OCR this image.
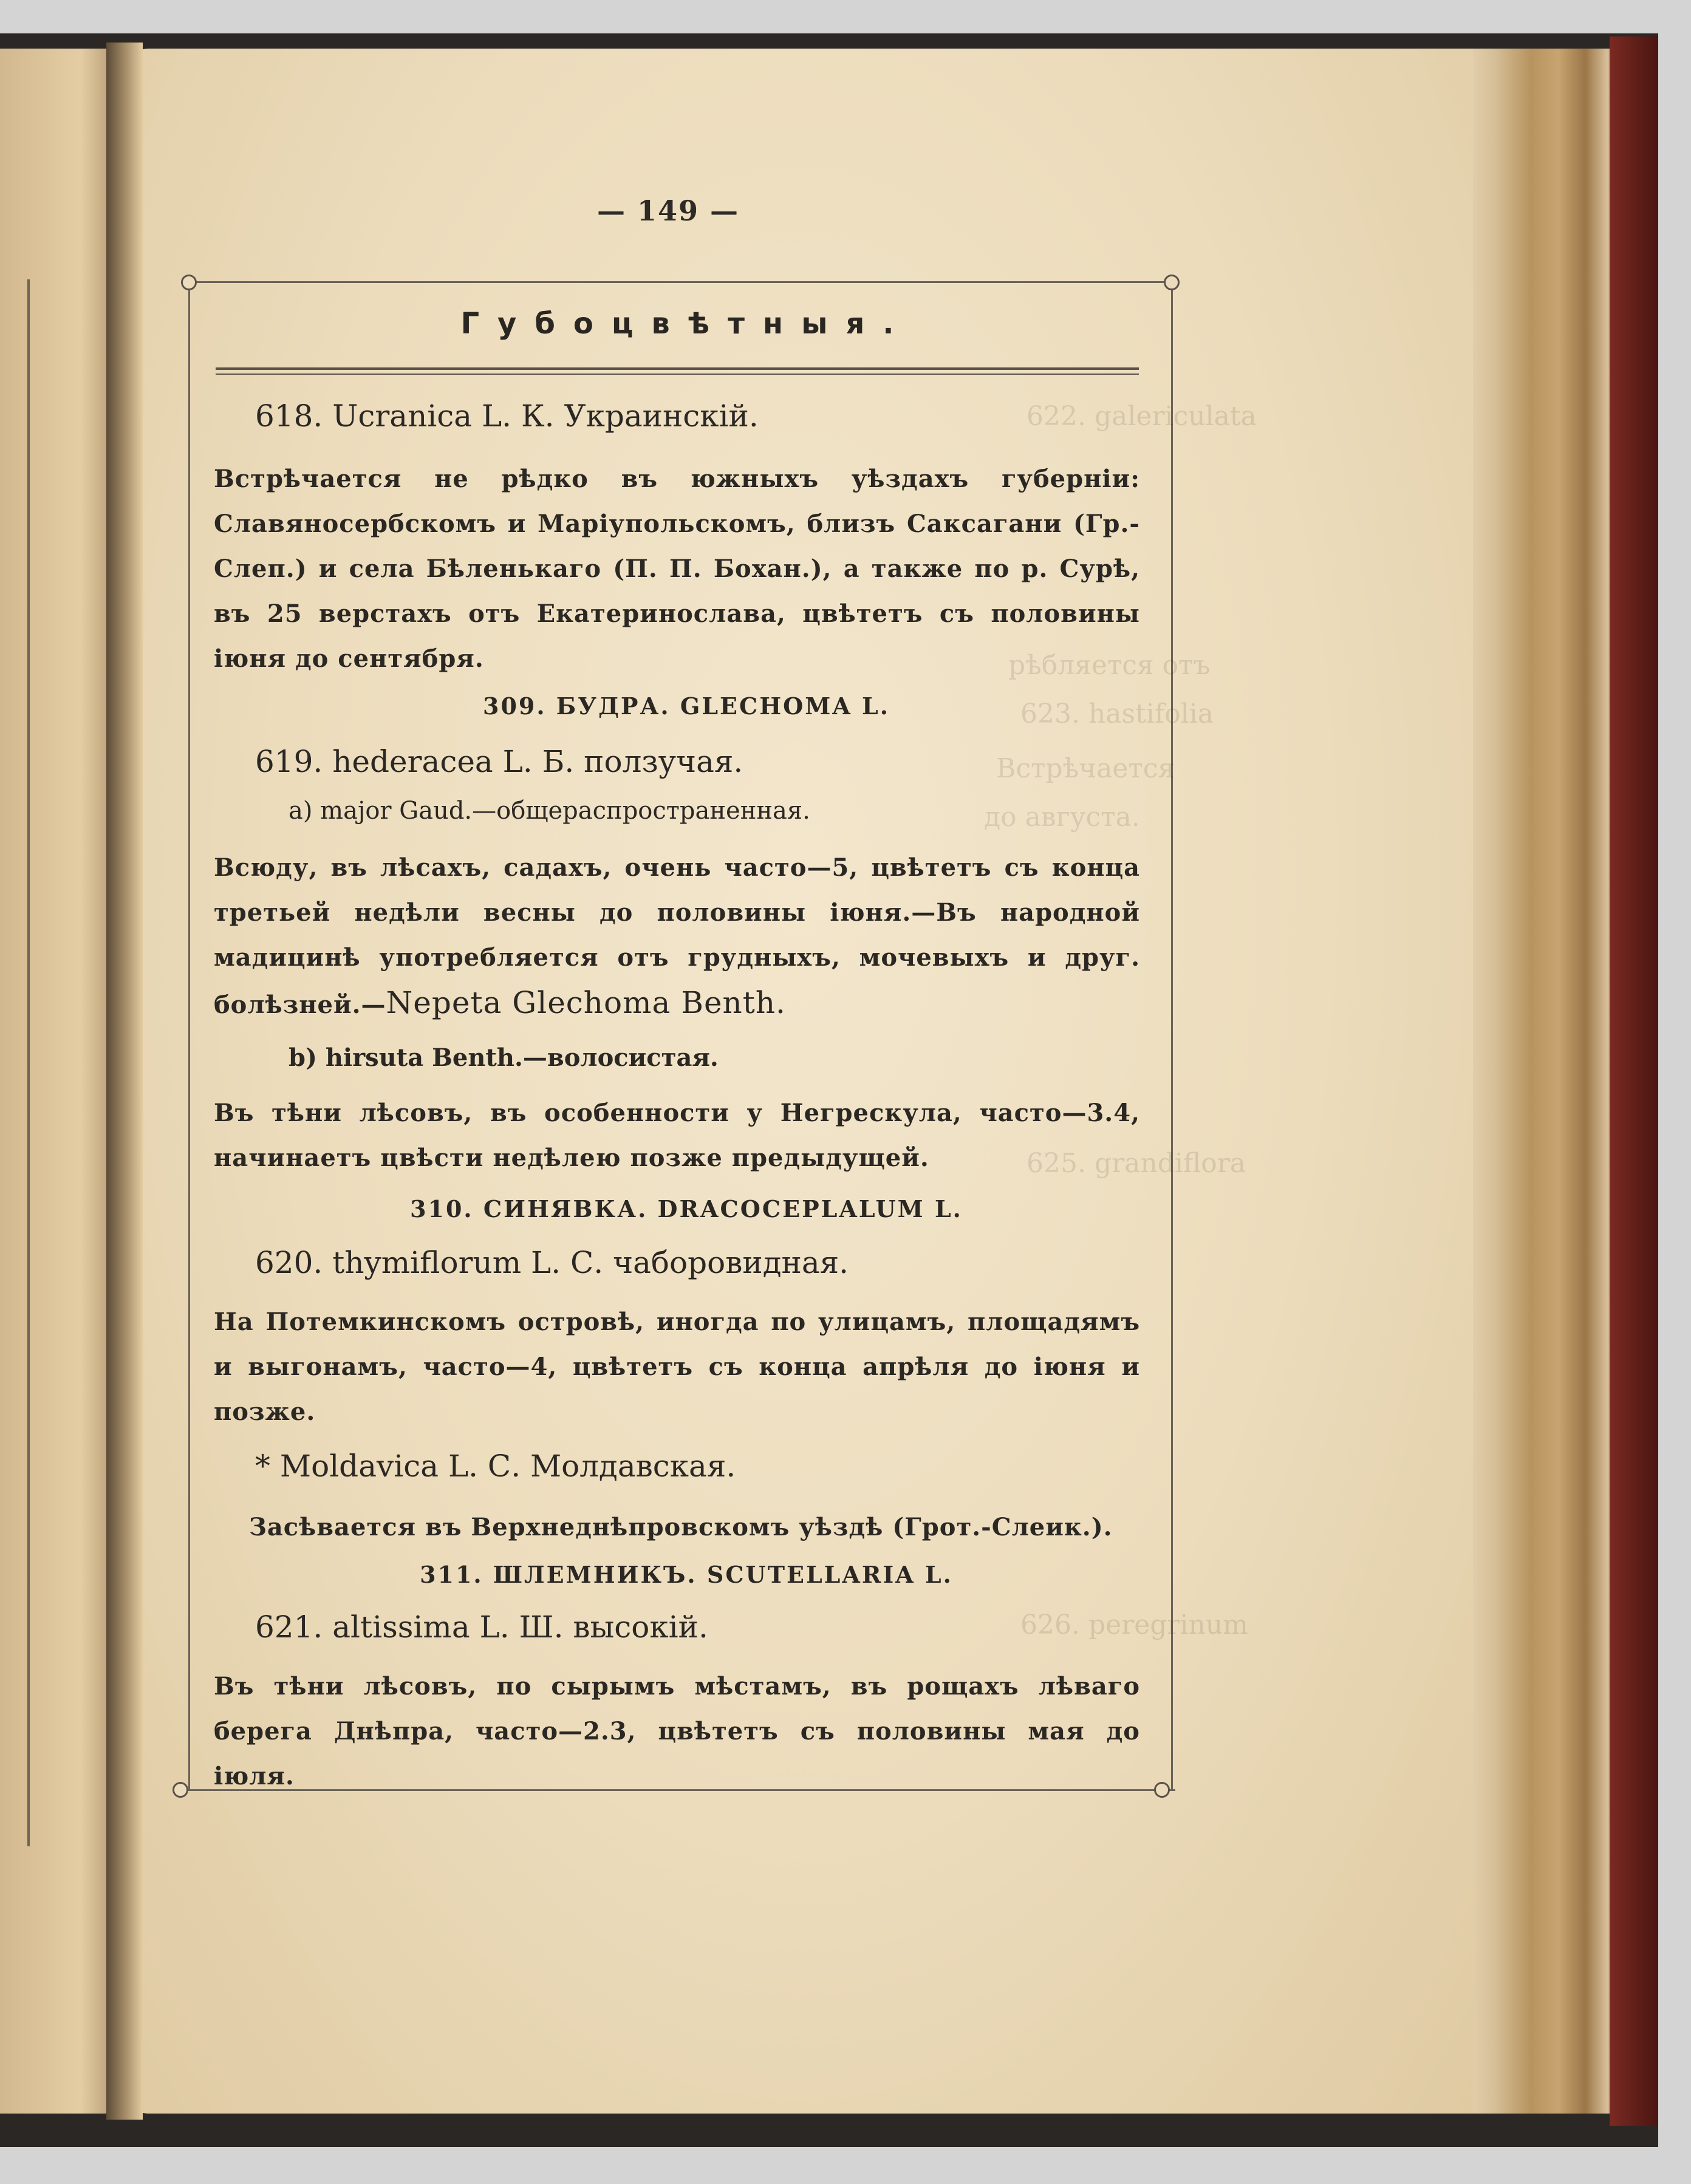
— 149 —
Губоцвѣтныя.
622. galericulata
рѣбляется отъ
623. hastifolia
Встрѣчается
до августа.
625. grandiflora
626. peregrinum
618. Ucranica L. К. Украинскій.
Встрѣчается не рѣдко въ южныхъ уѣздахъ губерніи: Славяносербскомъ и Маріупольскомъ, близъ Саксагани (Гр.-Слеп.) и села Бѣленькаго (П. П. Бохан.), а также по р. Сурѣ, въ 25 верстахъ отъ Екатеринослава, цвѣтетъ съ половины іюня до сентября.
309. БУДРА. GLECHOMA L.
619. hederacea L. Б. ползучая.
а) major Gaud.—общераспространенная.
Всюду, въ лѣсахъ, садахъ, очень часто—5, цвѣтетъ съ конца третьей недѣли весны до половины іюня.—Въ народной мадицинѣ употребляется отъ грудныхъ, мочевыхъ и друг. болѣзней.—Nepeta Glechoma Benth.
b) hirsuta Benth.—волосистая.
Въ тѣни лѣсовъ, въ особенности у Негрескула, часто—3.4, начинаетъ цвѣсти недѣлею позже предыдущей.
310. СИНЯВКА. DRACOCEPLALUM L.
620. thymiflorum L. С. чаборовидная.
На Потемкинскомъ островѣ, иногда по улицамъ, площадямъ и выгонамъ, часто—4, цвѣтетъ съ конца апрѣля до іюня и позже.
* Moldavica L. С. Молдавская.
Засѣвается въ Верхнеднѣпровскомъ уѣздѣ (Грот.-Слеик.).
311. ШЛЕМНИКЪ. SCUTELLARIA L.
621. altissima L. Ш. высокій.
Въ тѣни лѣсовъ, по сырымъ мѣстамъ, въ рощахъ лѣваго берега Днѣпра, часто—2.3, цвѣтетъ съ половины мая до іюля.
